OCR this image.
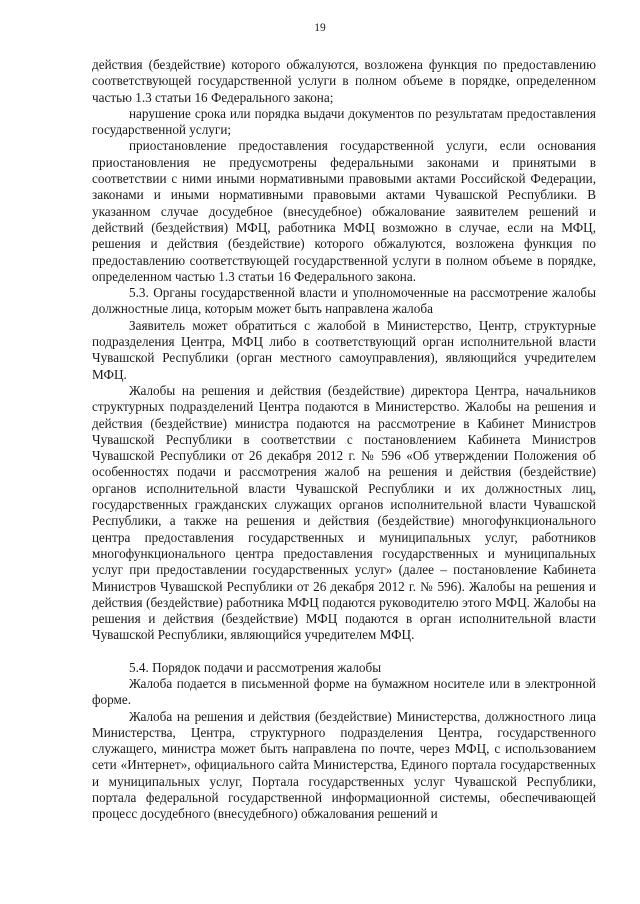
19

действия (бездействие) которого обжалуются, возложена функция по предоставлению соответствующей государственной услуги в полном объеме в порядке, определенном частью 1.3 статьи 16 Федерального закона;

нарушение срока или порядка выдачи документов по результатам предоставления государственной услуги;

приостановление предоставления государственной услуги, если основания приостановления не предусмотрены федеральными законами и принятыми в соответствии с ними иными нормативными правовыми актами Российской Федерации, законами и иными нормативными правовыми актами Чувашской Республики. В указанном случае досудебное (внесудебное) обжалование заявителем решений и действий (бездействия) МФЦ, работника МФЦ возможно в случае, если на МФЦ, решения и действия (бездействие) которого обжалуются, возложена функция по предоставлению соответствующей государственной услуги в полном объеме в порядке, определенном частью 1.3 статьи 16 Федерального закона.

5.3. Органы государственной власти и уполномоченные на рассмотрение жалобы должностные лица, которым может быть направлена жалоба

Заявитель может обратиться с жалобой в Министерство, Центр, структурные подразделения Центра, МФЦ либо в соответствующий орган исполнительной власти Чувашской Республики (орган местного самоуправления), являющийся учредителем МФЦ.

Жалобы на решения и действия (бездействие) директора Центра, начальников структурных подразделений Центра подаются в Министерство. Жалобы на решения и действия (бездействие) министра подаются на рассмотрение в Кабинет Министров Чувашской Республики в соответствии с постановлением Кабинета Министров Чувашской Республики от 26 декабря 2012 г. № 596 «Об утверждении Положения об особенностях подачи и рассмотрения жалоб на решения и действия (бездействие) органов исполнительной власти Чувашской Республики и их должностных лиц, государственных гражданских служащих органов исполнительной власти Чувашской Республики, а также на решения и действия (бездействие) многофункционального центра предоставления государственных и муниципальных услуг, работников многофункционального центра предоставления государственных и муниципальных услуг при предоставлении государственных услуг» (далее – постановление Кабинета Министров Чувашской Республики от 26 декабря 2012 г. № 596). Жалобы на решения и действия (бездействие) работника МФЦ подаются руководителю этого МФЦ. Жалобы на решения и действия (бездействие) МФЦ подаются в орган исполнительной власти Чувашской Республики, являющийся учредителем МФЦ.

5.4. Порядок подачи и рассмотрения жалобы

Жалоба подается в письменной форме на бумажном носителе или в электронной форме.

Жалоба на решения и действия (бездействие) Министерства, должностного лица Министерства, Центра, структурного подразделения Центра, государственного служащего, министра может быть направлена по почте, через МФЦ, с использованием сети «Интернет», официального сайта Министерства, Единого портала государственных и муниципальных услуг, Портала государственных услуг Чувашской Республики, портала федеральной государственной информационной системы, обеспечивающей процесс досудебного (внесудебного) обжалования решений и
